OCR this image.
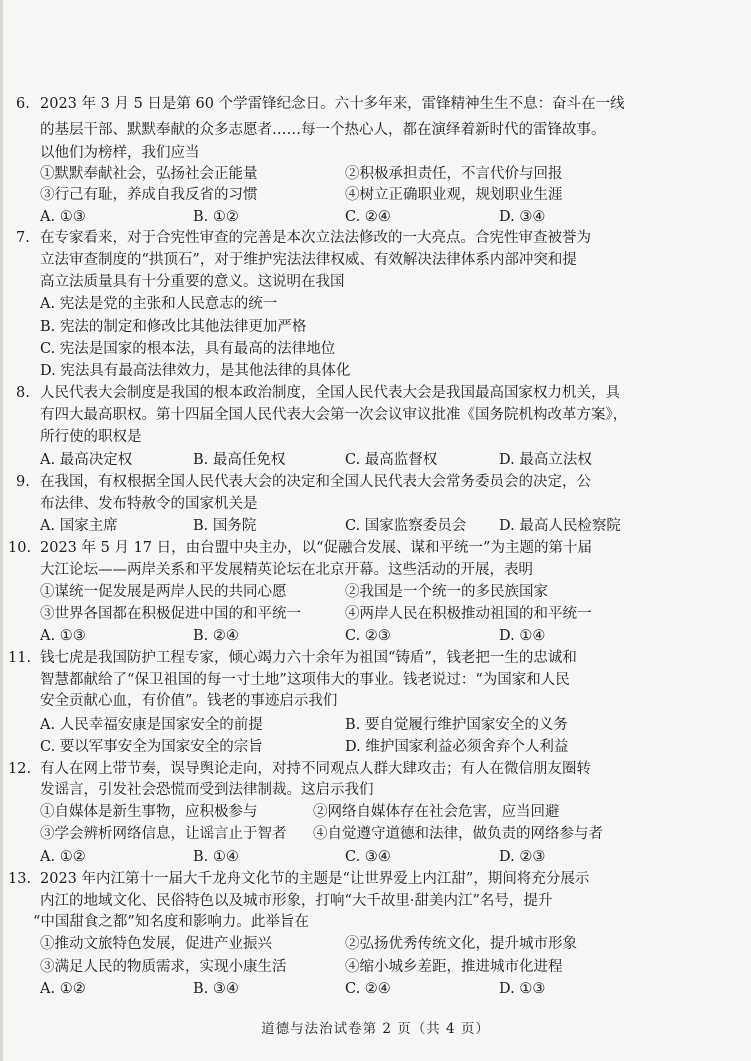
6. 2023 年 3 月 5 日是第 60 个学雷锋纪念日。六十多年来，雷锋精神生生不息：奋斗在一线
的基层干部、默默奉献的众多志愿者……每一个热心人，都在演绎着新时代的雷锋故事。
以他们为榜样，我们应当
①默默奉献社会，弘扬社会正能量	②积极承担责任，不言代价与回报
③行己有耻，养成自我反省的习惯	④树立正确职业观，规划职业生涯
A. ①③	B. ①②	C. ②④	D. ③④
7. 在专家看来，对于合宪性审查的完善是本次立法法修改的一大亮点。合宪性审查被誉为
立法审查制度的“拱顶石”，对于维护宪法法律权威、有效解决法律体系内部冲突和提
高立法质量具有十分重要的意义。这说明在我国
A. 宪法是党的主张和人民意志的统一
B. 宪法的制定和修改比其他法律更加严格
C. 宪法是国家的根本法，具有最高的法律地位
D. 宪法具有最高法律效力，是其他法律的具体化
8. 人民代表大会制度是我国的根本政治制度，全国人民代表大会是我国最高国家权力机关，具
有四大最高职权。第十四届全国人民代表大会第一次会议审议批准《国务院机构改革方案》，
所行使的职权是
A. 最高决定权	B. 最高任免权	C. 最高监督权	D. 最高立法权
9. 在我国，有权根据全国人民代表大会的决定和全国人民代表大会常务委员会的决定，公
布法律、发布特赦令的国家机关是
A. 国家主席	B. 国务院	C. 国家监察委员会 D. 最高人民检察院
10. 2023 年 5 月 17 日，由台盟中央主办，以“促融合发展、谋和平统一”为主题的第十届
大江论坛——两岸关系和平发展精英论坛在北京开幕。这些活动的开展，表明
①谋统一促发展是两岸人民的共同心愿	②我国是一个统一的多民族国家
③世界各国都在积极促进中国的和平统一	④两岸人民在积极推动祖国的和平统一
A. ①③	B. ②④	C. ②③	D. ①④
11. 钱七虎是我国防护工程专家，倾心竭力六十余年为祖国“铸盾”，钱老把一生的忠诚和
智慧都献给了“保卫祖国的每一寸土地”这项伟大的事业。钱老说过：“为国家和人民
安全贡献心血，有价值”。钱老的事迹启示我们
A. 人民幸福安康是国家安全的前提	B. 要自觉履行维护国家安全的义务
C. 要以军事安全为国家安全的宗旨	D. 维护国家利益必须舍弃个人利益
12. 有人在网上带节奏，误导舆论走向，对持不同观点人群大肆攻击；有人在微信朋友圈转
发谣言，引发社会恐慌而受到法律制裁。这启示我们
①自媒体是新生事物，应积极参与	②网络自媒体存在社会危害，应当回避
③学会辨析网络信息，让谣言止于智者 ④自觉遵守道德和法律，做负责的网络参与者
A. ①②	B. ①④	C. ③④	D. ②③
13. 2023 年内江第十一届大千龙舟文化节的主题是“让世界爱上内江甜”，期间将充分展示
内江的地域文化、民俗特色以及城市形象，打响“大千故里·甜美内江”名号，提升
“中国甜食之都”知名度和影响力。此举旨在
①推动文旅特色发展，促进产业振兴	②弘扬优秀传统文化，提升城市形象
③满足人民的物质需求，实现小康生活	④缩小城乡差距，推进城市化进程
A. ①②	B. ③④	C. ②④	D. ①③
道德与法治试卷第 2 页（共 4 页）
